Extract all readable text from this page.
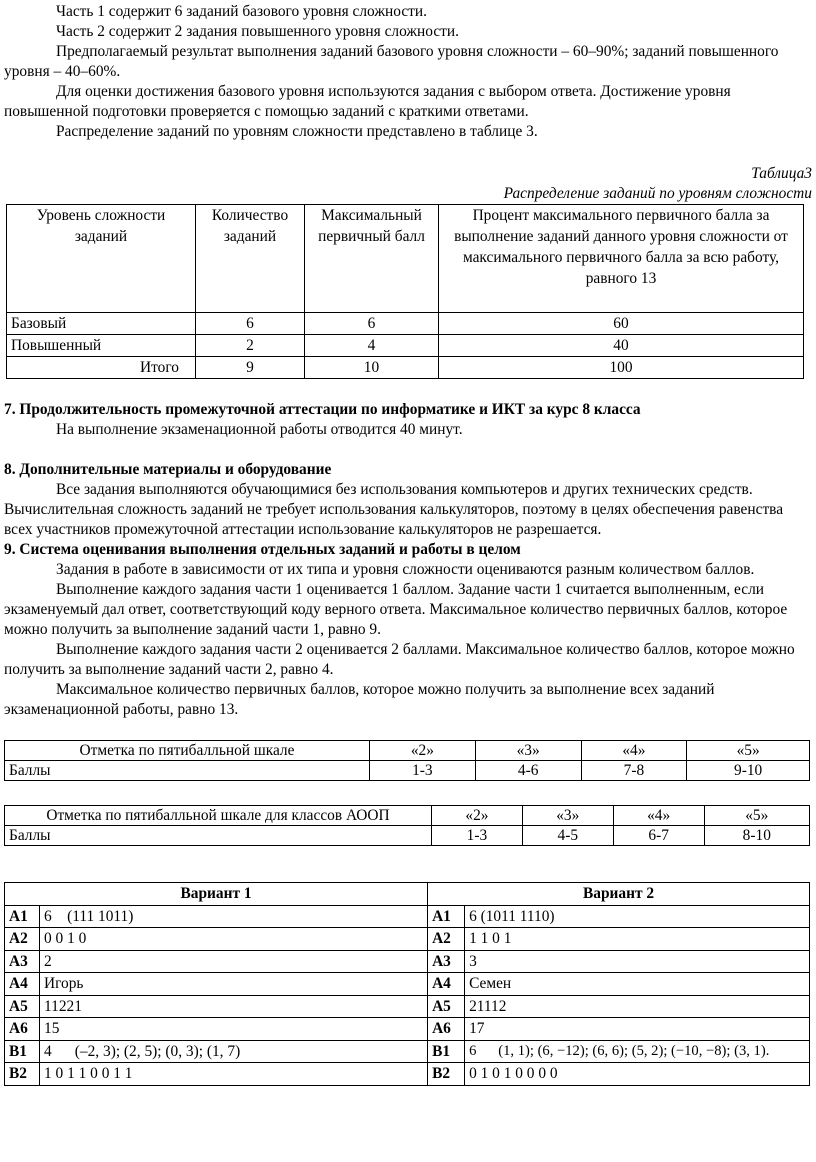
Часть 1 содержит 6 заданий базового уровня сложности.

Часть 2 содержит 2 задания повышенного уровня сложности.

Предполагаемый результат выполнения заданий базового уровня сложности – 60–90%; заданий повышенного уровня – 40–60%.

Для оценки достижения базового уровня используются задания с выбором ответа. Достижение уровня повышенной подготовки проверяется с помощью заданий с краткими ответами.

Распределение заданий по уровням сложности представлено в таблице 3.

Таблица3

Распределение заданий по уровням сложности

Уровень сложности заданий	Количество заданий	Максимальный первичный балл	Процент максимального первичного балла за выполнение заданий данного уровня сложности от максимального первичного балла за всю работу, равного 13
Базовый	6	6	60
Повышенный	2	4	40
Итого	9	10	100

7. Продолжительность промежуточной аттестации по информатике и ИКТ за курс 8 класса

На выполнение экзаменационной работы отводится 40 минут.

8. Дополнительные материалы и оборудование

Все задания выполняются обучающимися без использования компьютеров и других технических средств. Вычислительная сложность заданий не требует использования калькуляторов, поэтому в целях обеспечения равенства всех участников промежуточной аттестации использование калькуляторов не разрешается.

9. Система оценивания выполнения отдельных заданий и работы в целом

Задания в работе в зависимости от их типа и уровня сложности оцениваются разным количеством баллов.

Выполнение каждого задания части 1 оценивается 1 баллом. Задание части 1 считается выполненным, если экзаменуемый дал ответ, соответствующий коду верного ответа. Максимальное количество первичных баллов, которое можно получить за выполнение заданий части 1, равно 9.

Выполнение каждого задания части 2 оценивается 2 баллами. Максимальное количество баллов, которое можно получить за выполнение заданий части 2, равно 4.

Максимальное количество первичных баллов, которое можно получить за выполнение всех заданий экзаменационной работы, равно 13.

Отметка по пятибалльной шкале	«2»	«3»	«4»	«5»
Баллы	1-3	4-6	7-8	9-10
Отметка по пятибалльной шкале для классов АООП	«2»	«3»	«4»	«5»
Баллы	1-3	4-5	6-7	8-10
Вариант 1		Вариант 2	
А1	6    (111 1011)	А1	6 (1011 1110)
А2	0 0 1 0	А2	1 1 0 1
А3	2	А3	3
А4	Игорь	А4	Семен
А5	11221	А5	21112
А6	15	А6	17
В1	4      (–2, 3); (2, 5); (0, 3); (1, 7)	В1	6      (1, 1); (6, −12); (6, 6); (5, 2); (−10, −8); (3, 1).
В2	1 0 1 1 0 0 1 1	В2	0 1 0 1 0 0 0 0
